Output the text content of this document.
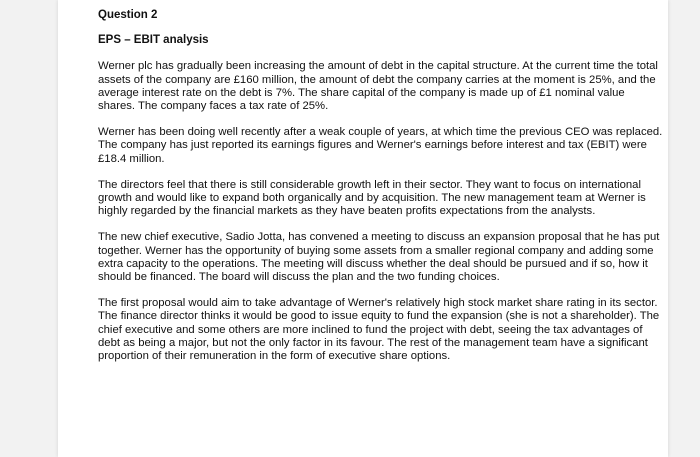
Question 2

EPS – EBIT analysis

Werner plc has gradually been increasing the amount of debt in the capital structure. At the current time the total assets of the company are £160 million, the amount of debt the company carries at the moment is 25%, and the average interest rate on the debt is 7%. The share capital of the company is made up of £1 nominal value shares. The company faces a tax rate of 25%.

Werner has been doing well recently after a weak couple of years, at which time the previous CEO was replaced. The company has just reported its earnings figures and Werner's earnings before interest and tax (EBIT) were £18.4 million.

The directors feel that there is still considerable growth left in their sector. They want to focus on international growth and would like to expand both organically and by acquisition. The new management team at Werner is highly regarded by the financial markets as they have beaten profits expectations from the analysts.

The new chief executive, Sadio Jotta, has convened a meeting to discuss an expansion proposal that he has put together. Werner has the opportunity of buying some assets from a smaller regional company and adding some extra capacity to the operations. The meeting will discuss whether the deal should be pursued and if so, how it should be financed. The board will discuss the plan and the two funding choices.

The first proposal would aim to take advantage of Werner's relatively high stock market share rating in its sector. The finance director thinks it would be good to issue equity to fund the expansion (she is not a shareholder). The chief executive and some others are more inclined to fund the project with debt, seeing the tax advantages of debt as being a major, but not the only factor in its favour. The rest of the management team have a significant proportion of their remuneration in the form of executive share options.
